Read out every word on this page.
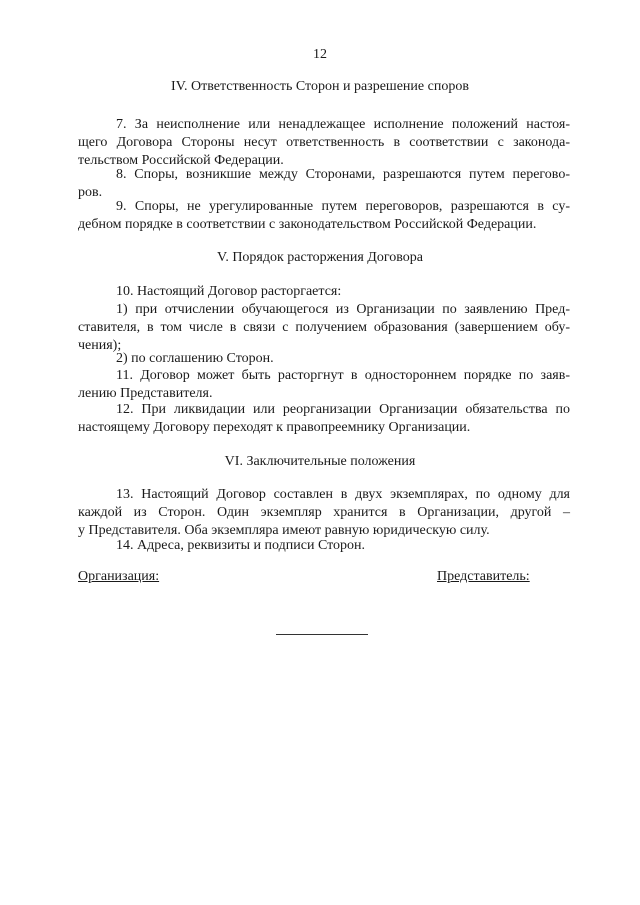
12
IV. Ответственность Сторон и разрешение споров
7. За неисполнение или ненадлежащее исполнение положений настоя-
щего Договора Стороны несут ответственность в соответствии с законода-
тельством Российской Федерации.
8. Споры, возникшие между Сторонами, разрешаются путем перегово-
ров.
9. Споры, не урегулированные путем переговоров, разрешаются в су-
дебном порядке в соответствии с законодательством Российской Федерации.
V. Порядок расторжения Договора
10. Настоящий Договор расторгается:
1) при отчислении обучающегося из Организации по заявлению Пред-
ставителя, в том числе в связи с получением образования (завершением обу-
чения);
2) по соглашению Сторон.
11. Договор может быть расторгнут в одностороннем порядке по заяв-
лению Представителя.
12. При ликвидации или реорганизации Организации обязательства по
настоящему Договору переходят к правопреемнику Организации.
VI. Заключительные положения
13. Настоящий Договор составлен в двух экземплярах, по одному для
каждой из Сторон. Один экземпляр хранится в Организации, другой –
у Представителя. Оба экземпляра имеют равную юридическую силу.
14. Адреса, реквизиты и подписи Сторон.
Организация:	Представитель:
